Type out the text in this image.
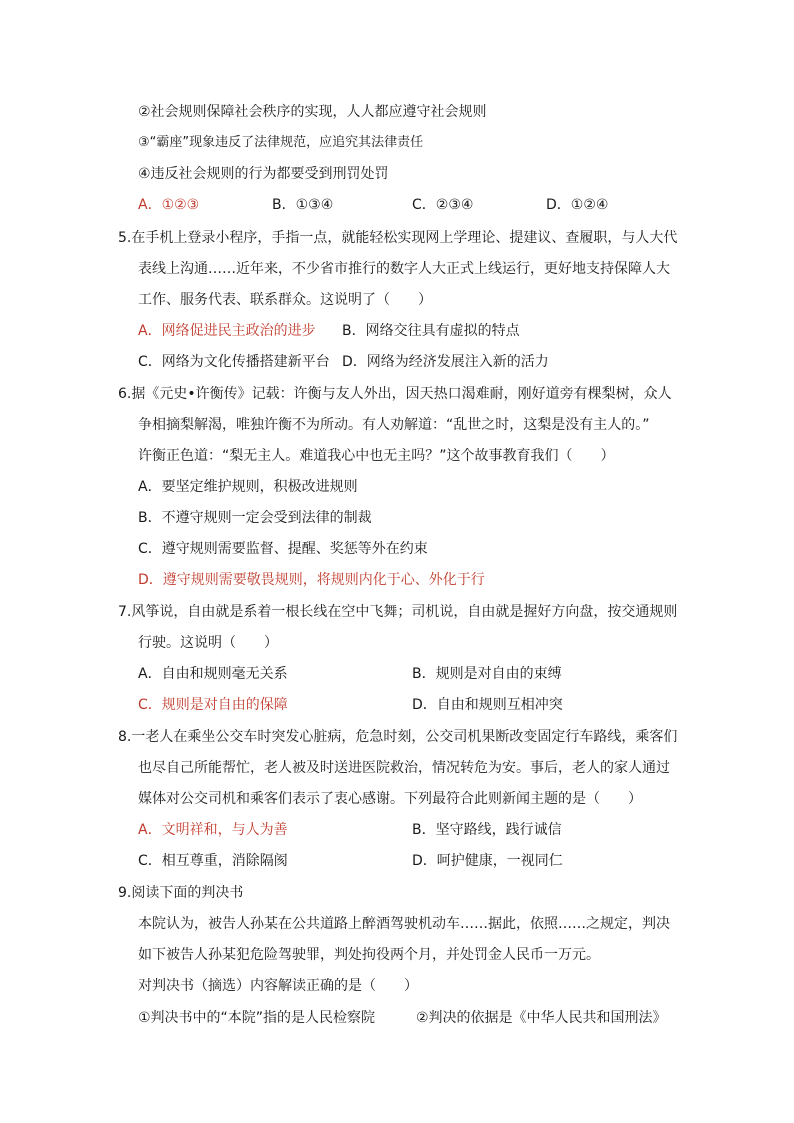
②社会规则保障社会秩序的实现，人人都应遵守社会规则
③“霸座”现象违反了法律规范，应追究其法律责任
④违反社会规则的行为都要受到刑罚处罚
A．①②③	B．①③④	C．②③④	D．①②④
5.在手机上登录小程序，手指一点，就能轻松实现网上学理论、提建议、查履职，与人大代
表线上沟通……近年来，不少省市推行的数字人大正式上线运行，更好地支持保障人大
工作、服务代表、联系群众。这说明了（　　）
A．网络促进民主政治的进步 B．网络交往具有虚拟的特点
C．网络为文化传播搭建新平台 D．网络为经济发展注入新的活力
6.据《元史•许衡传》记载：许衡与友人外出，因天热口渴难耐，刚好道旁有棵梨树，众人
争相摘梨解渴，唯独许衡不为所动。有人劝解道：“乱世之时，这梨是没有主人的。”
许衡正色道：“梨无主人。难道我心中也无主吗？”这个故事教育我们（　　）
A．要坚定维护规则，积极改进规则
B．不遵守规则一定会受到法律的制裁
C．遵守规则需要监督、提醒、奖惩等外在约束
D．遵守规则需要敬畏规则，将规则内化于心、外化于行
7.风筝说，自由就是系着一根长线在空中飞舞；司机说，自由就是握好方向盘，按交通规则
行驶。这说明（　　）
A．自由和规则毫无关系	B．规则是对自由的束缚
C．规则是对自由的保障	D．自由和规则互相冲突
8.一老人在乘坐公交车时突发心脏病，危急时刻，公交司机果断改变固定行车路线，乘客们
也尽自己所能帮忙，老人被及时送进医院救治，情况转危为安。事后，老人的家人通过
媒体对公交司机和乘客们表示了衷心感谢。下列最符合此则新闻主题的是（　　）
A．文明祥和，与人为善	B．坚守路线，践行诚信
C．相互尊重，消除隔阂	D．呵护健康，一视同仁
9.阅读下面的判决书
本院认为，被告人孙某在公共道路上醉酒驾驶机动车……据此，依照……之规定，判决
如下被告人孙某犯危险驾驶罪，判处拘役两个月，并处罚金人民币一万元。
对判决书（摘选）内容解读正确的是（　　）
①判决书中的“本院”指的是人民检察院	②判决的依据是《中华人民共和国刑法》
